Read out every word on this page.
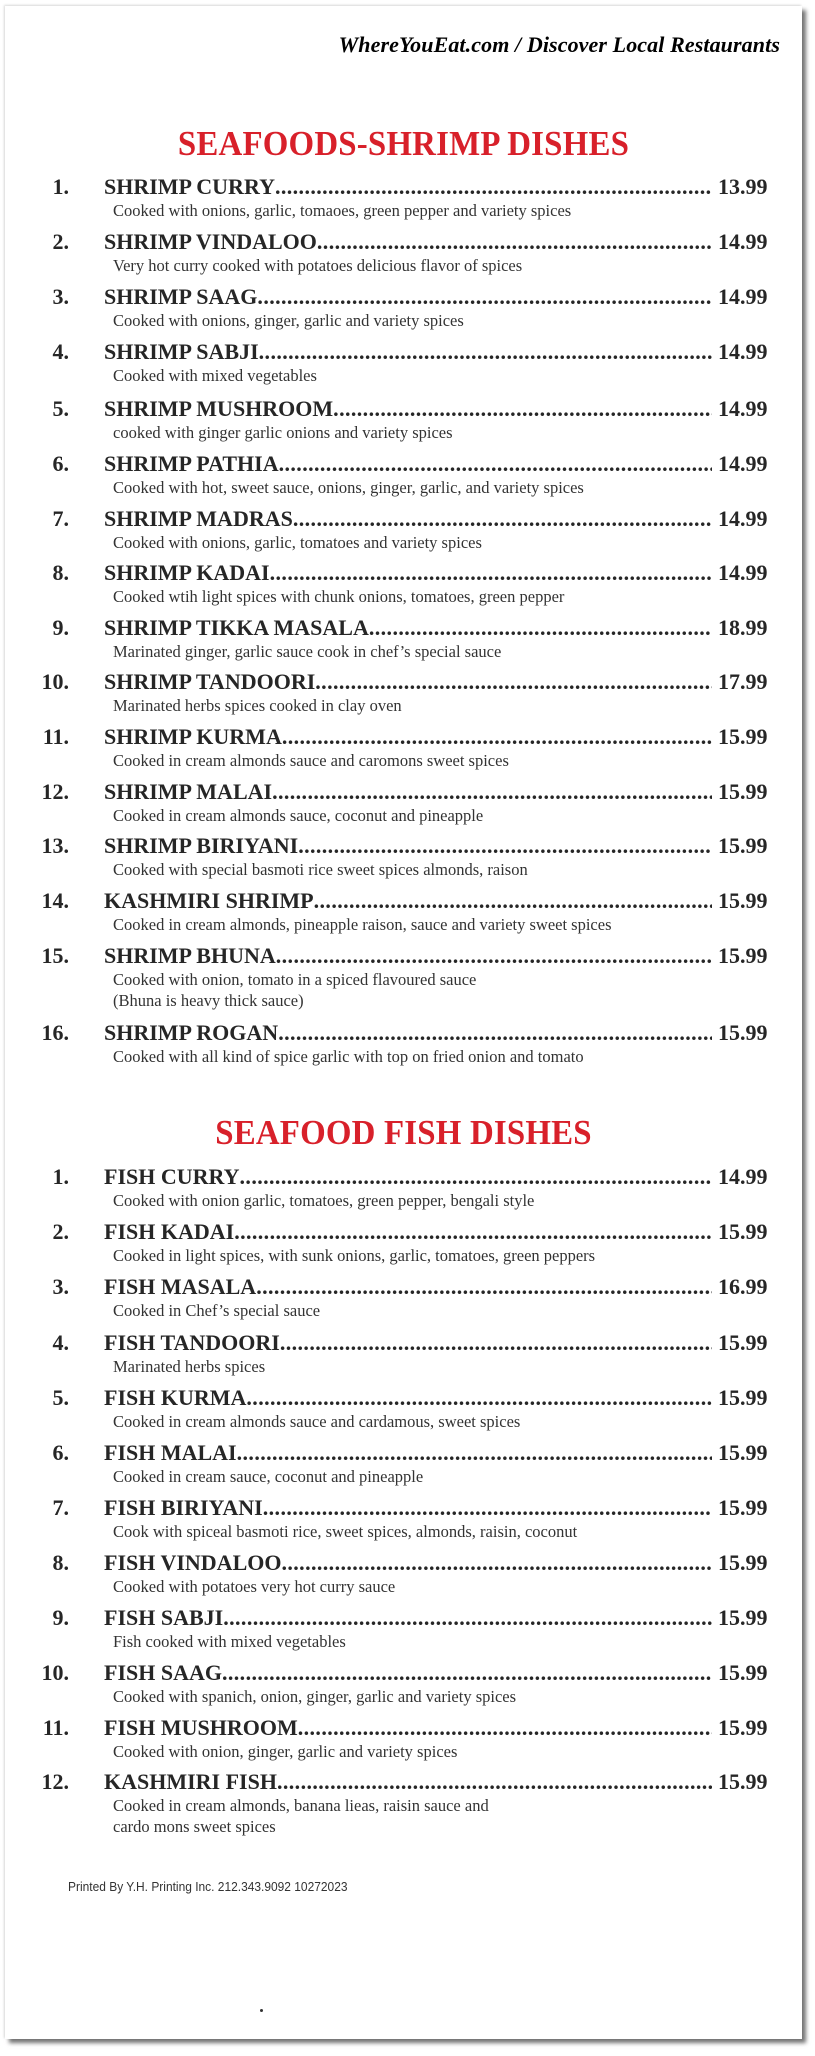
WhereYouEat.com / Discover Local Restaurants
SEAFOODS-SHRIMP DISHES
1. SHRIMP CURRY .....	13.99
Cooked with onions, garlic, tomaoes, green pepper and variety spices
2. SHRIMP VINDALOO .....	14.99
Very hot curry cooked with potatoes delicious flavor of spices
3. SHRIMP SAAG .....	14.99
Cooked with onions, ginger, garlic and variety spices
4. SHRIMP SABJI .....	14.99
Cooked with mixed vegetables
5. SHRIMP MUSHROOM .....	14.99
cooked with ginger garlic onions and variety spices
6. SHRIMP PATHIA .....	14.99
Cooked with hot, sweet sauce, onions, ginger, garlic, and variety spices
7. SHRIMP MADRAS .....	14.99
Cooked with onions, garlic, tomatoes and variety spices
8. SHRIMP KADAI .....	14.99
Cooked wtih light spices with chunk onions, tomatoes, green pepper
9. SHRIMP TIKKA MASALA .....	18.99
Marinated ginger, garlic sauce cook in chef’s special sauce
10. SHRIMP TANDOORI .....	17.99
Marinated herbs spices cooked in clay oven
11. SHRIMP KURMA .....	15.99
Cooked in cream almonds sauce and caromons sweet spices
12. SHRIMP MALAI .....	15.99
Cooked in cream almonds sauce, coconut and pineapple
13. SHRIMP BIRIYANI .....	15.99
Cooked with special basmoti rice sweet spices almonds, raison
14. KASHMIRI SHRIMP .....	15.99
Cooked in cream almonds, pineapple raison, sauce and variety sweet spices
15. SHRIMP BHUNA .....	15.99
Cooked with onion, tomato in a spiced flavoured sauce
(Bhuna is heavy thick sauce)
16. SHRIMP ROGAN .....	15.99
Cooked with all kind of spice garlic with top on fried onion and tomato
SEAFOOD FISH DISHES
1. FISH CURRY .....	14.99
Cooked with onion garlic, tomatoes, green pepper, bengali style
2. FISH KADAI .....	15.99
Cooked in light spices, with sunk onions, garlic, tomatoes, green peppers
3. FISH MASALA .....	16.99
Cooked in Chef’s special sauce
4. FISH TANDOORI .....	15.99
Marinated herbs spices
5. FISH KURMA .....	15.99
Cooked in cream almonds sauce and cardamous, sweet spices
6. FISH MALAI .....	15.99
Cooked in cream sauce, coconut and pineapple
7. FISH BIRIYANI .....	15.99
Cook with spiceal basmoti rice, sweet spices, almonds, raisin, coconut
8. FISH VINDALOO .....	15.99
Cooked with potatoes very hot curry sauce
9. FISH SABJI .....	15.99
Fish cooked with mixed vegetables
10. FISH SAAG .....	15.99
Cooked with spanich, onion, ginger, garlic and variety spices
11. FISH MUSHROOM .....	15.99
Cooked with onion, ginger, garlic and variety spices
12. KASHMIRI FISH .....	15.99
Cooked in cream almonds, banana lieas, raisin sauce and
cardo mons sweet spices
Printed By Y.H. Printing Inc. 212.343.9092 10272023
